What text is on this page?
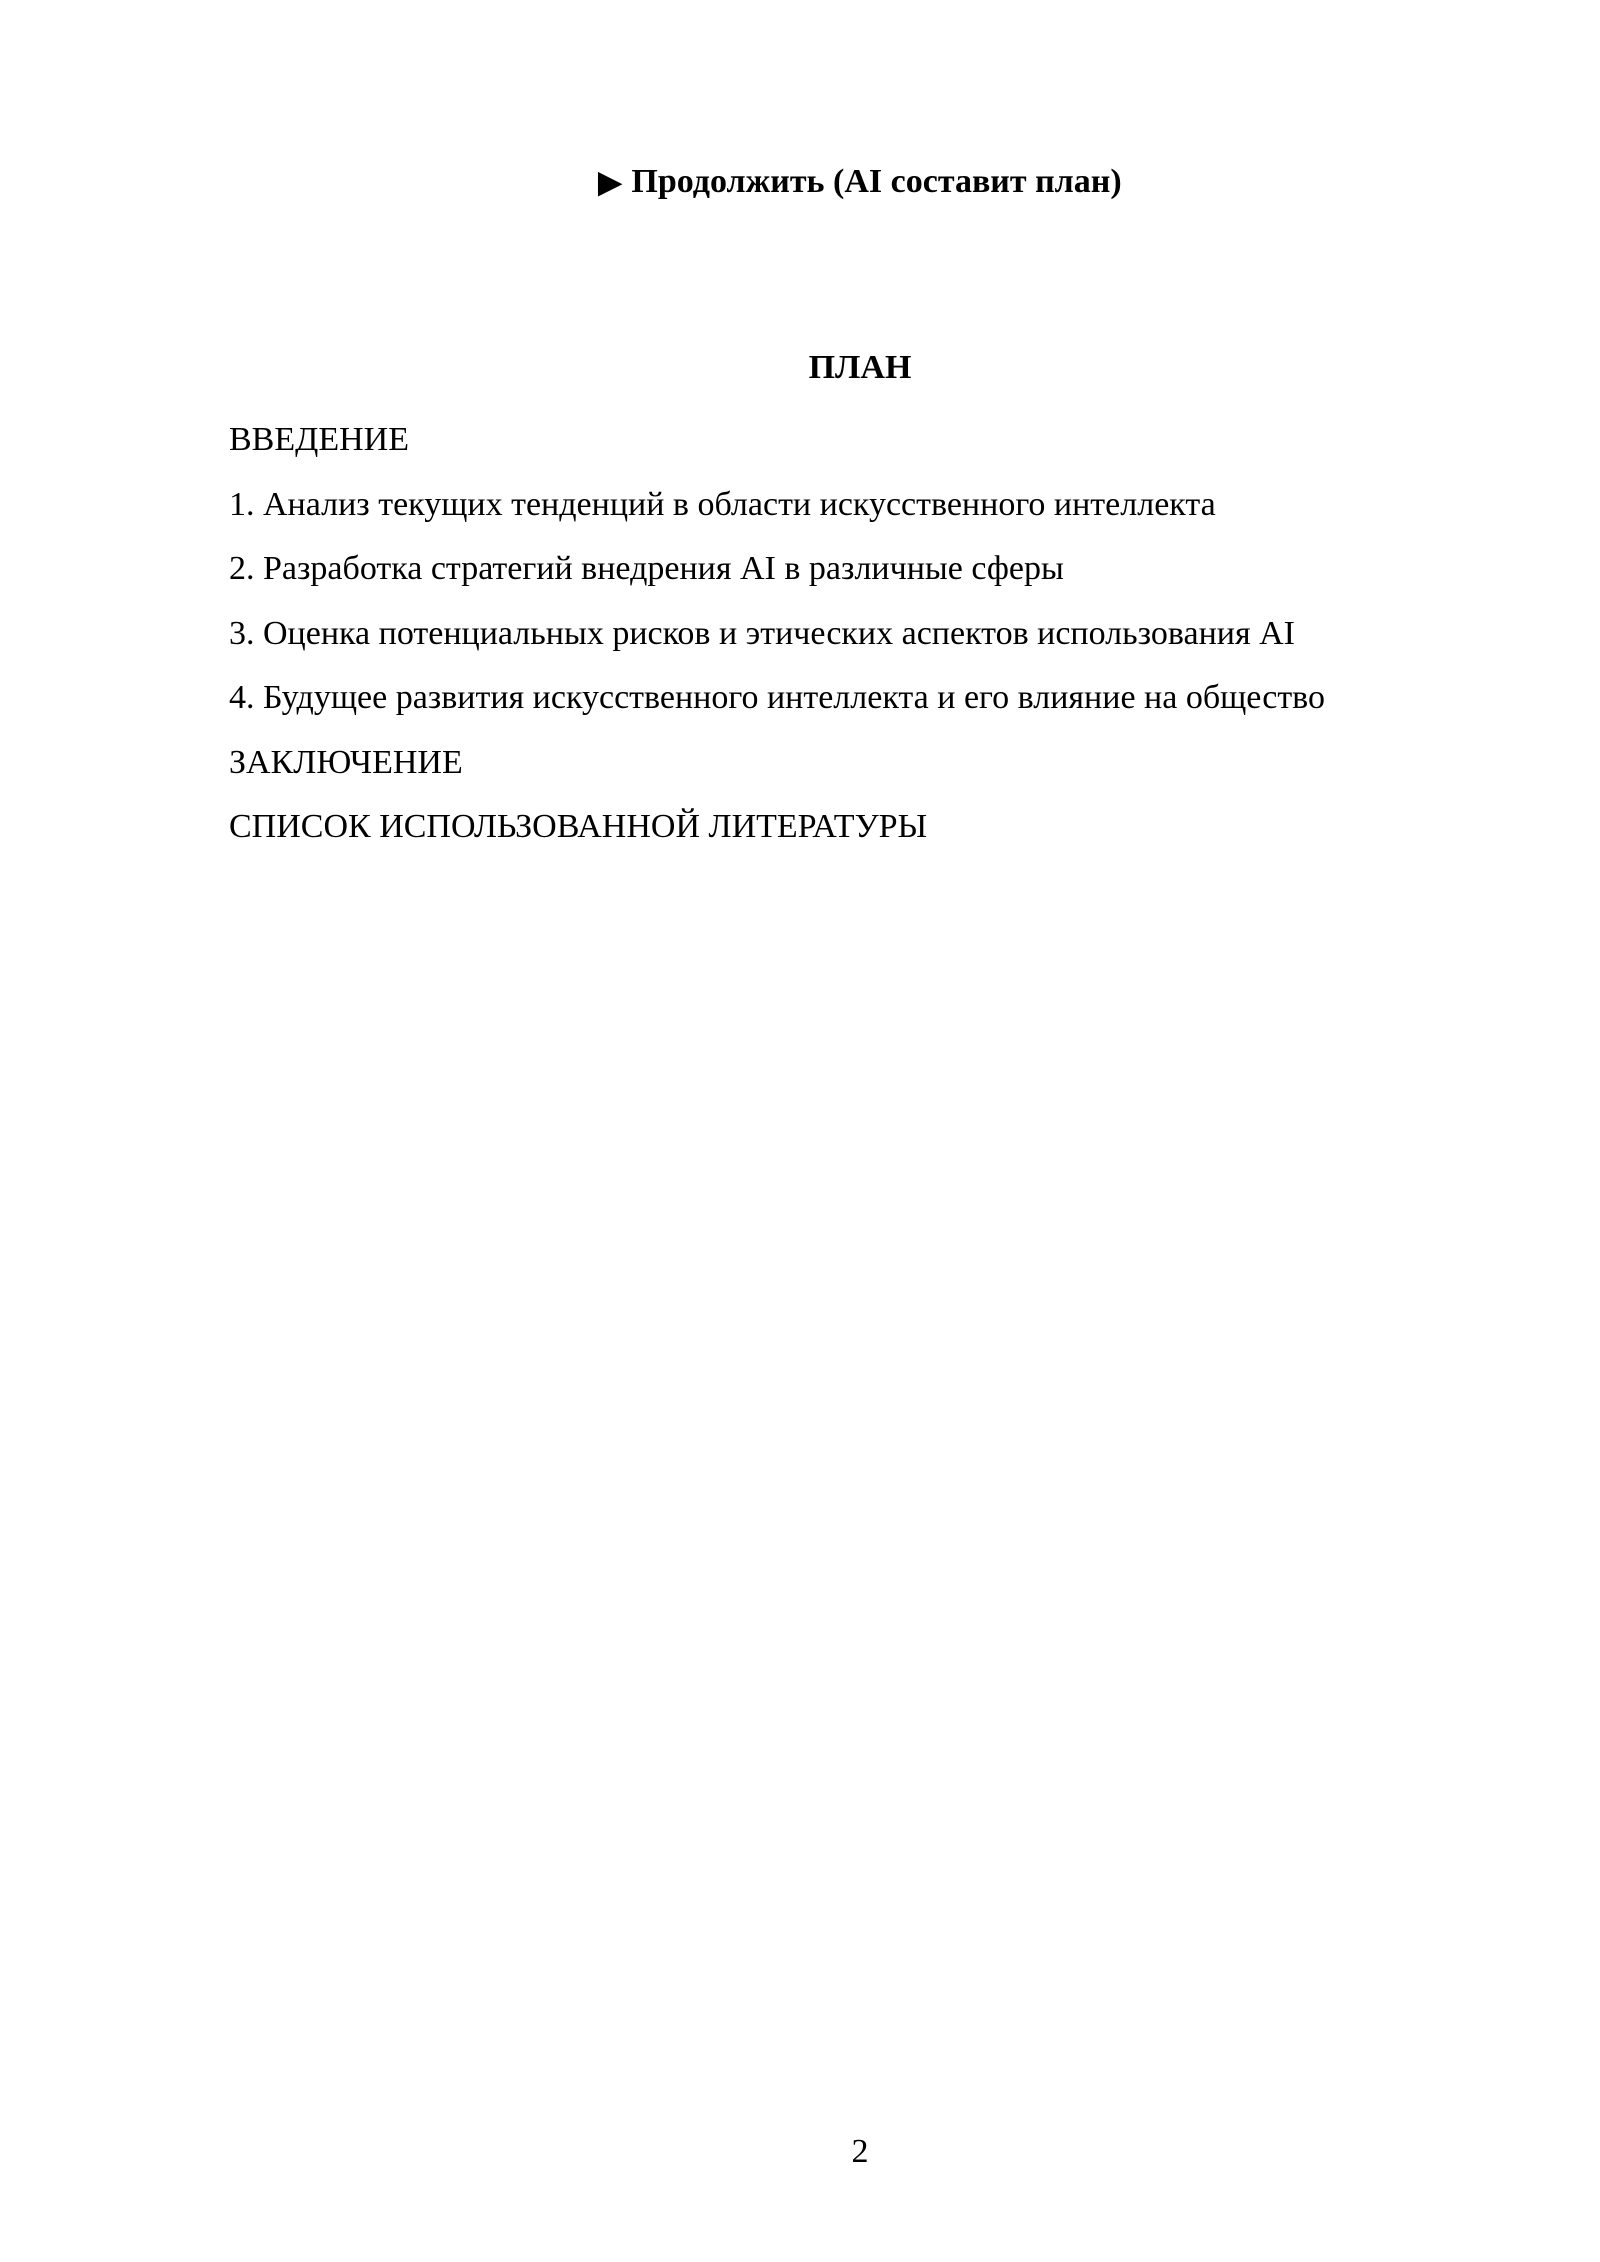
▶ Продолжить (AI составит план)
ПЛАН
ВВЕДЕНИЕ
1. Анализ текущих тенденций в области искусственного интеллекта
2. Разработка стратегий внедрения AI в различные сферы
3. Оценка потенциальных рисков и этических аспектов использования AI
4. Будущее развития искусственного интеллекта и его влияние на общество
ЗАКЛЮЧЕНИЕ
СПИСОК ИСПОЛЬЗОВАННОЙ ЛИТЕРАТУРЫ
2
